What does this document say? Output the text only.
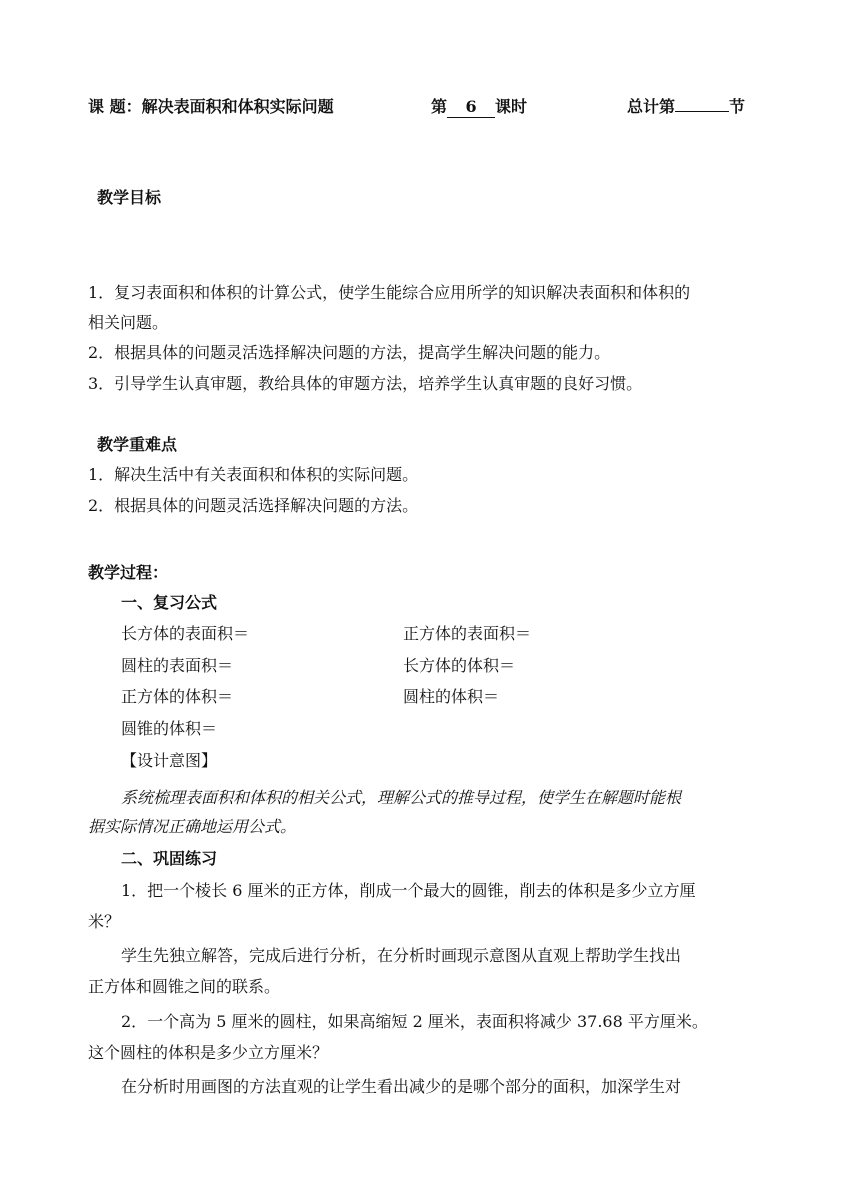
课 题：解决表面积和体积实际问题	第 6 课时	总计第	节
教学目标
1．复习表面积和体积的计算公式，使学生能综合应用所学的知识解决表面积和体积的
相关问题。
2．根据具体的问题灵活选择解决问题的方法，提高学生解决问题的能力。
3．引导学生认真审题，教给具体的审题方法，培养学生认真审题的良好习惯。
教学重难点
1．解决生活中有关表面积和体积的实际问题。
2．根据具体的问题灵活选择解决问题的方法。
教学过程：
一、复习公式
长方体的表面积＝	正方体的表面积＝
圆柱的表面积＝	长方体的体积＝
正方体的体积＝	圆柱的体积＝
圆锥的体积＝
【设计意图】
系统梳理表面积和体积的相关公式，理解公式的推导过程，使学生在解题时能根
据实际情况正确地运用公式。
二、巩固练习
1．把一个棱长 6 厘米的正方体，削成一个最大的圆锥，削去的体积是多少立方厘
米？
学生先独立解答，完成后进行分析，在分析时画现示意图从直观上帮助学生找出
正方体和圆锥之间的联系。
2．一个高为 5 厘米的圆柱，如果高缩短 2 厘米，表面积将减少 37.68 平方厘米。
这个圆柱的体积是多少立方厘米？
在分析时用画图的方法直观的让学生看出减少的是哪个部分的面积，加深学生对
